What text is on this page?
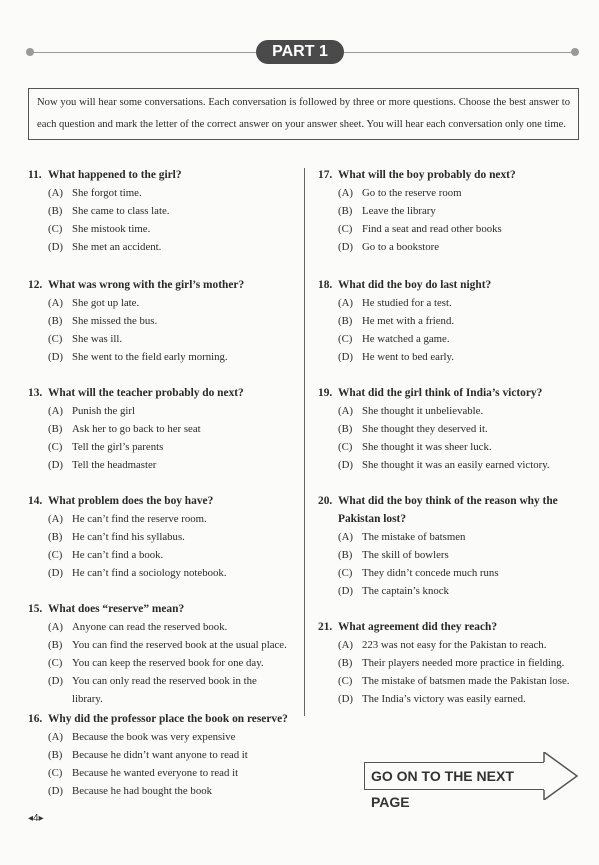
PART 1
Now you will hear some conversations. Each conversation is followed by three or more questions. Choose the best answer to each question and mark the letter of the correct answer on your answer sheet. You will hear each conversation only one time.
11. What happened to the girl?
(A) She forgot time.
(B) She came to class late.
(C) She mistook time.
(D) She met an accident.
12. What was wrong with the girl’s mother?
(A) She got up late.
(B) She missed the bus.
(C) She was ill.
(D) She went to the field early morning.
13. What will the teacher probably do next?
(A) Punish the girl
(B) Ask her to go back to her seat
(C) Tell the girl’s parents
(D) Tell the headmaster
14. What problem does the boy have?
(A) He can’t find the reserve room.
(B) He can’t find his syllabus.
(C) He can’t find a book.
(D) He can’t find a sociology notebook.
15. What does “reserve” mean?
(A) Anyone can read the reserved book.
(B) You can find the reserved book at the usual place.
(C) You can keep the reserved book for one day.
(D) You can only read the reserved book in the library.
16. Why did the professor place the book on reserve?
(A) Because the book was very expensive
(B) Because he didn’t want anyone to read it
(C) Because he wanted everyone to read it
(D) Because he had bought the book
17. What will the boy probably do next?
(A) Go to the reserve room
(B) Leave the library
(C) Find a seat and read other books
(D) Go to a bookstore
18. What did the boy do last night?
(A) He studied for a test.
(B) He met with a friend.
(C) He watched a game.
(D) He went to bed early.
19. What did the girl think of India’s victory?
(A) She thought it unbelievable.
(B) She thought they deserved it.
(C) She thought it was sheer luck.
(D) She thought it was an easily earned victory.
20. What did the boy think of the reason why the Pakistan lost?
(A) The mistake of batsmen
(B) The skill of bowlers
(C) They didn’t concede much runs
(D) The captain’s knock
21. What agreement did they reach?
(A) 223 was not easy for the Pakistan to reach.
(B) Their players needed more practice in fielding.
(C) The mistake of batsmen made the Pakistan lose.
(D) The India’s victory was easily earned.
GO ON TO THE NEXT PAGE
◂4▸
